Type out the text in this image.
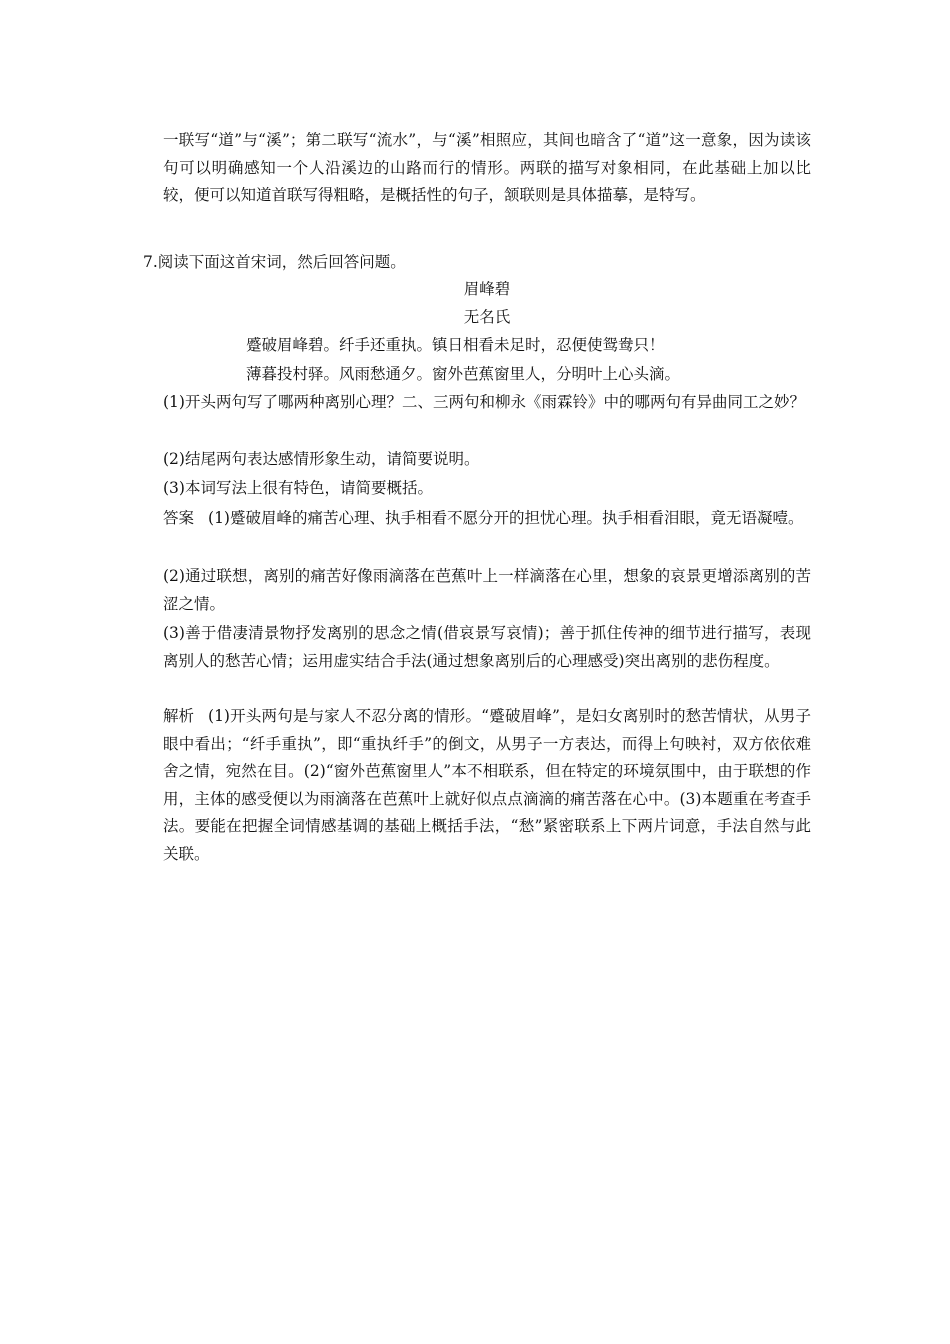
一联写“道”与“溪”；第二联写“流水”，与“溪”相照应，其间也暗含了“道”这一意象，因为读该句可以明确感知一个人沿溪边的山路而行的情形。两联的描写对象相同，在此基础上加以比较，便可以知道首联写得粗略，是概括性的句子，颔联则是具体描摹，是特写。

7.阅读下面这首宋词，然后回答问题。

眉峰碧

无名氏

蹙破眉峰碧。纤手还重执。镇日相看未足时，忍便使鸳鸯只！

薄暮投村驿。风雨愁通夕。窗外芭蕉窗里人，分明叶上心头滴。

(1)开头两句写了哪两种离别心理？二、三两句和柳永《雨霖铃》中的哪两句有异曲同工之妙？

(2)结尾两句表达感情形象生动，请简要说明。

(3)本词写法上很有特色，请简要概括。

答案 (1)蹙破眉峰的痛苦心理、执手相看不愿分开的担忧心理。执手相看泪眼，竟无语凝噎。

(2)通过联想，离别的痛苦好像雨滴落在芭蕉叶上一样滴落在心里，想象的哀景更增添离别的苦涩之情。

(3)善于借凄清景物抒发离别的思念之情(借哀景写哀情)；善于抓住传神的细节进行描写，表现离别人的愁苦心情；运用虚实结合手法(通过想象离别后的心理感受)突出离别的悲伤程度。

解析 (1)开头两句是与家人不忍分离的情形。“蹙破眉峰”，是妇女离别时的愁苦情状，从男子眼中看出；“纤手重执”，即“重执纤手”的倒文，从男子一方表达，而得上句映衬，双方依依难舍之情，宛然在目。(2)“窗外芭蕉窗里人”本不相联系，但在特定的环境氛围中，由于联想的作用，主体的感受便以为雨滴落在芭蕉叶上就好似点点滴滴的痛苦落在心中。(3)本题重在考查手法。要能在把握全词情感基调的基础上概括手法，“愁”紧密联系上下两片词意，手法自然与此关联。
